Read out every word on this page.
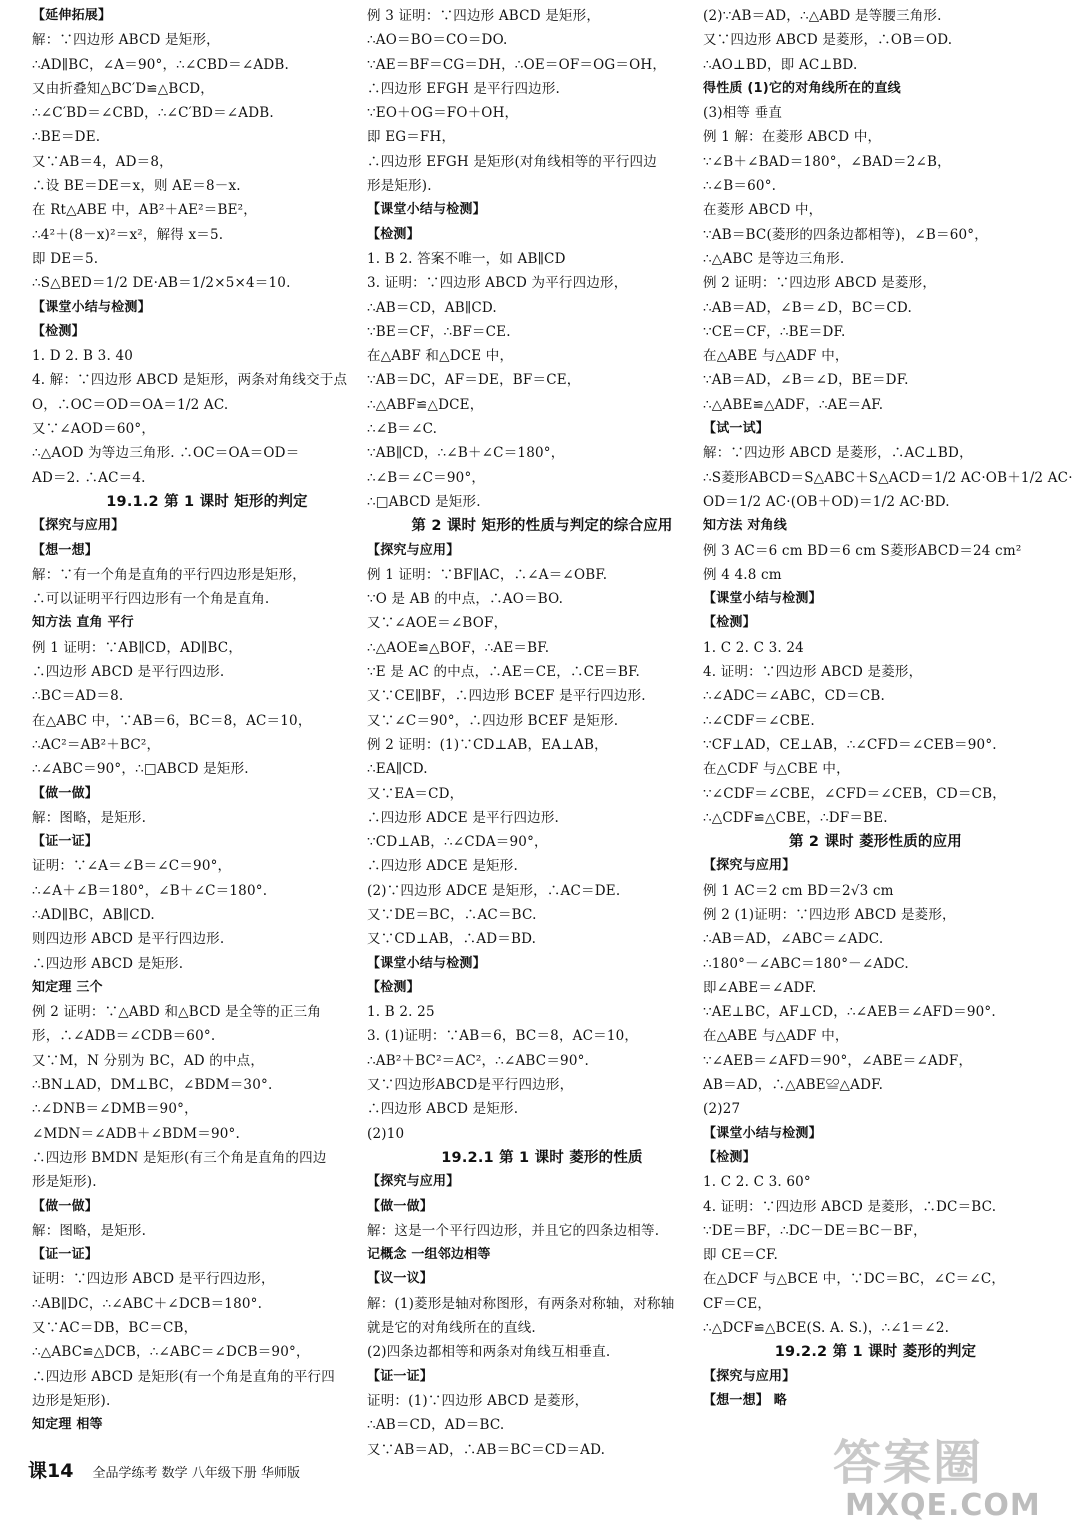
【延伸拓展】
解：∵四边形 ABCD 是矩形，
∴AD∥BC，∠A＝90°，∴∠CBD＝∠ADB.
又由折叠知△BC′D≌△BCD，
∴∠C′BD＝∠CBD，∴∠C′BD＝∠ADB.
∴BE＝DE.
又∵AB＝4，AD＝8，
∴设 BE＝DE＝x，则 AE＝8－x.
在 Rt△ABE 中，AB²＋AE²＝BE²，
∴4²＋(8－x)²＝x²，解得 x＝5.
即 DE＝5.
∴S△BED＝1/2 DE·AB＝1/2×5×4＝10.
【课堂小结与检测】
【检测】
1. D 2. B 3. 40
4. 解：∵四边形 ABCD 是矩形，两条对角线交于点
O，∴OC＝OD＝OA＝1/2 AC.
又∵∠AOD＝60°，
∴△AOD 为等边三角形. ∴OC＝OA＝OD＝
AD＝2. ∴AC＝4.
19.1.2 第 1 课时 矩形的判定
【探究与应用】
【想一想】
解：∵有一个角是直角的平行四边形是矩形，
∴可以证明平行四边形有一个角是直角.
知方法 直角 平行
例 1 证明：∵AB∥CD，AD∥BC，
∴四边形 ABCD 是平行四边形.
∴BC＝AD＝8.
在△ABC 中，∵AB＝6，BC＝8，AC＝10，
∴AC²＝AB²＋BC²，
∴∠ABC＝90°，∴□ABCD 是矩形.
【做一做】
解：图略，是矩形.
【证一证】
证明：∵∠A＝∠B＝∠C＝90°，
∴∠A＋∠B＝180°，∠B＋∠C＝180°.
∴AD∥BC，AB∥CD.
则四边形 ABCD 是平行四边形.
∴四边形 ABCD 是矩形.
知定理 三个
例 2 证明：∵△ABD 和△BCD 是全等的正三角
形，∴∠ADB＝∠CDB＝60°.
又∵M，N 分别为 BC，AD 的中点，
∴BN⊥AD，DM⊥BC，∠BDM＝30°.
∴∠DNB＝∠DMB＝90°，
∠MDN＝∠ADB＋∠BDM＝90°.
∴四边形 BMDN 是矩形(有三个角是直角的四边
形是矩形).
【做一做】
解：图略，是矩形.
【证一证】
证明：∵四边形 ABCD 是平行四边形，
∴AB∥DC，∴∠ABC＋∠DCB＝180°.
又∵AC＝DB，BC＝CB，
∴△ABC≌△DCB，∴∠ABC＝∠DCB＝90°，
∴四边形 ABCD 是矩形(有一个角是直角的平行四
边形是矩形).
知定理 相等
例 3 证明：∵四边形 ABCD 是矩形，
∴AO＝BO＝CO＝DO.
∵AE＝BF＝CG＝DH，∴OE＝OF＝OG＝OH，
∴四边形 EFGH 是平行四边形.
∵EO＋OG＝FO＋OH，
即 EG＝FH，
∴四边形 EFGH 是矩形(对角线相等的平行四边
形是矩形).
【课堂小结与检测】
【检测】
1. B 2. 答案不唯一，如 AB∥CD
3. 证明：∵四边形 ABCD 为平行四边形，
∴AB＝CD，AB∥CD.
∵BE＝CF，∴BF＝CE.
在△ABF 和△DCE 中，
∵AB＝DC，AF＝DE，BF＝CE，
∴△ABF≌△DCE，
∴∠B＝∠C.
∵AB∥CD，∴∠B＋∠C＝180°，
∴∠B＝∠C＝90°，
∴□ABCD 是矩形.
第 2 课时 矩形的性质与判定的综合应用
【探究与应用】
例 1 证明：∵BF∥AC，∴∠A＝∠OBF.
∵O 是 AB 的中点，∴AO＝BO.
又∵∠AOE＝∠BOF，
∴△AOE≌△BOF，∴AE＝BF.
∵E 是 AC 的中点，∴AE＝CE，∴CE＝BF.
又∵CE∥BF，∴四边形 BCEF 是平行四边形.
又∵∠C＝90°，∴四边形 BCEF 是矩形.
例 2 证明：(1)∵CD⊥AB，EA⊥AB，
∴EA∥CD.
又∵EA＝CD，
∴四边形 ADCE 是平行四边形.
∵CD⊥AB，∴∠CDA＝90°，
∴四边形 ADCE 是矩形.
(2)∵四边形 ADCE 是矩形，∴AC＝DE.
又∵DE＝BC，∴AC＝BC.
又∵CD⊥AB，∴AD＝BD.
【课堂小结与检测】
【检测】
1. B 2. 25
3. (1)证明：∵AB＝6，BC＝8，AC＝10，
∴AB²＋BC²＝AC²，∴∠ABC＝90°.
又∵四边形ABCD是平行四边形，
∴四边形 ABCD 是矩形.
(2)10
19.2.1 第 1 课时 菱形的性质
【探究与应用】
【做一做】
解：这是一个平行四边形，并且它的四条边相等.
记概念 一组邻边相等
【议一议】
解：(1)菱形是轴对称图形，有两条对称轴，对称轴
就是它的对角线所在的直线.
(2)四条边都相等和两条对角线互相垂直.
【证一证】
证明：(1)∵四边形 ABCD 是菱形，
∴AB＝CD，AD＝BC.
又∵AB＝AD，∴AB＝BC＝CD＝AD.
(2)∵AB＝AD，∴△ABD 是等腰三角形.
又∵四边形 ABCD 是菱形，∴OB＝OD.
∴AO⊥BD，即 AC⊥BD.
得性质 (1)它的对角线所在的直线
(3)相等 垂直
例 1 解：在菱形 ABCD 中，
∵∠B＋∠BAD＝180°，∠BAD＝2∠B，
∴∠B＝60°.
在菱形 ABCD 中，
∵AB＝BC(菱形的四条边都相等)，∠B＝60°，
∴△ABC 是等边三角形.
例 2 证明：∵四边形 ABCD 是菱形，
∴AB＝AD，∠B＝∠D，BC＝CD.
∵CE＝CF，∴BE＝DF.
在△ABE 与△ADF 中，
∵AB＝AD，∠B＝∠D，BE＝DF.
∴△ABE≌△ADF，∴AE＝AF.
【试一试】
解：∵四边形 ABCD 是菱形，∴AC⊥BD，
∴S菱形ABCD＝S△ABC＋S△ACD＝1/2 AC·OB＋1/2 AC·
OD＝1/2 AC·(OB＋OD)＝1/2 AC·BD.
知方法 对角线
例 3 AC＝6 cm BD＝6 cm S菱形ABCD＝24 cm²
例 4 4.8 cm
【课堂小结与检测】
【检测】
1. C 2. C 3. 24
4. 证明：∵四边形 ABCD 是菱形，
∴∠ADC＝∠ABC，CD＝CB.
∴∠CDF＝∠CBE.
∵CF⊥AD，CE⊥AB，∴∠CFD＝∠CEB＝90°.
在△CDF 与△CBE 中，
∵∠CDF＝∠CBE，∠CFD＝∠CEB，CD＝CB，
∴△CDF≌△CBE，∴DF＝BE.
第 2 课时 菱形性质的应用
【探究与应用】
例 1 AC＝2 cm BD＝2√3 cm
例 2 (1)证明：∵四边形 ABCD 是菱形，
∴AB＝AD，∠ABC＝∠ADC.
∴180°－∠ABC＝180°－∠ADC.
即∠ABE＝∠ADF.
∵AE⊥BC，AF⊥CD，∴∠AEB＝∠AFD＝90°.
在△ABE 与△ADF 中，
∵∠AEB＝∠AFD＝90°，∠ABE＝∠ADF，
AB＝AD，∴△ABE≌△ADF.
(2)27
【课堂小结与检测】
【检测】
1. C 2. C 3. 60°
4. 证明：∵四边形 ABCD 是菱形，∴DC＝BC.
∵DE＝BF，∴DC－DE＝BC－BF，
即 CE＝CF.
在△DCF 与△BCE 中，∵DC＝BC，∠C＝∠C，
CF＝CE，
∴△DCF≌△BCE(S. A. S.)，∴∠1＝∠2.
19.2.2 第 1 课时 菱形的判定
【探究与应用】
【想一想】 略
课14 全品学练考 数学 八年级下册 华师版	答案圈
MXQE.COM
